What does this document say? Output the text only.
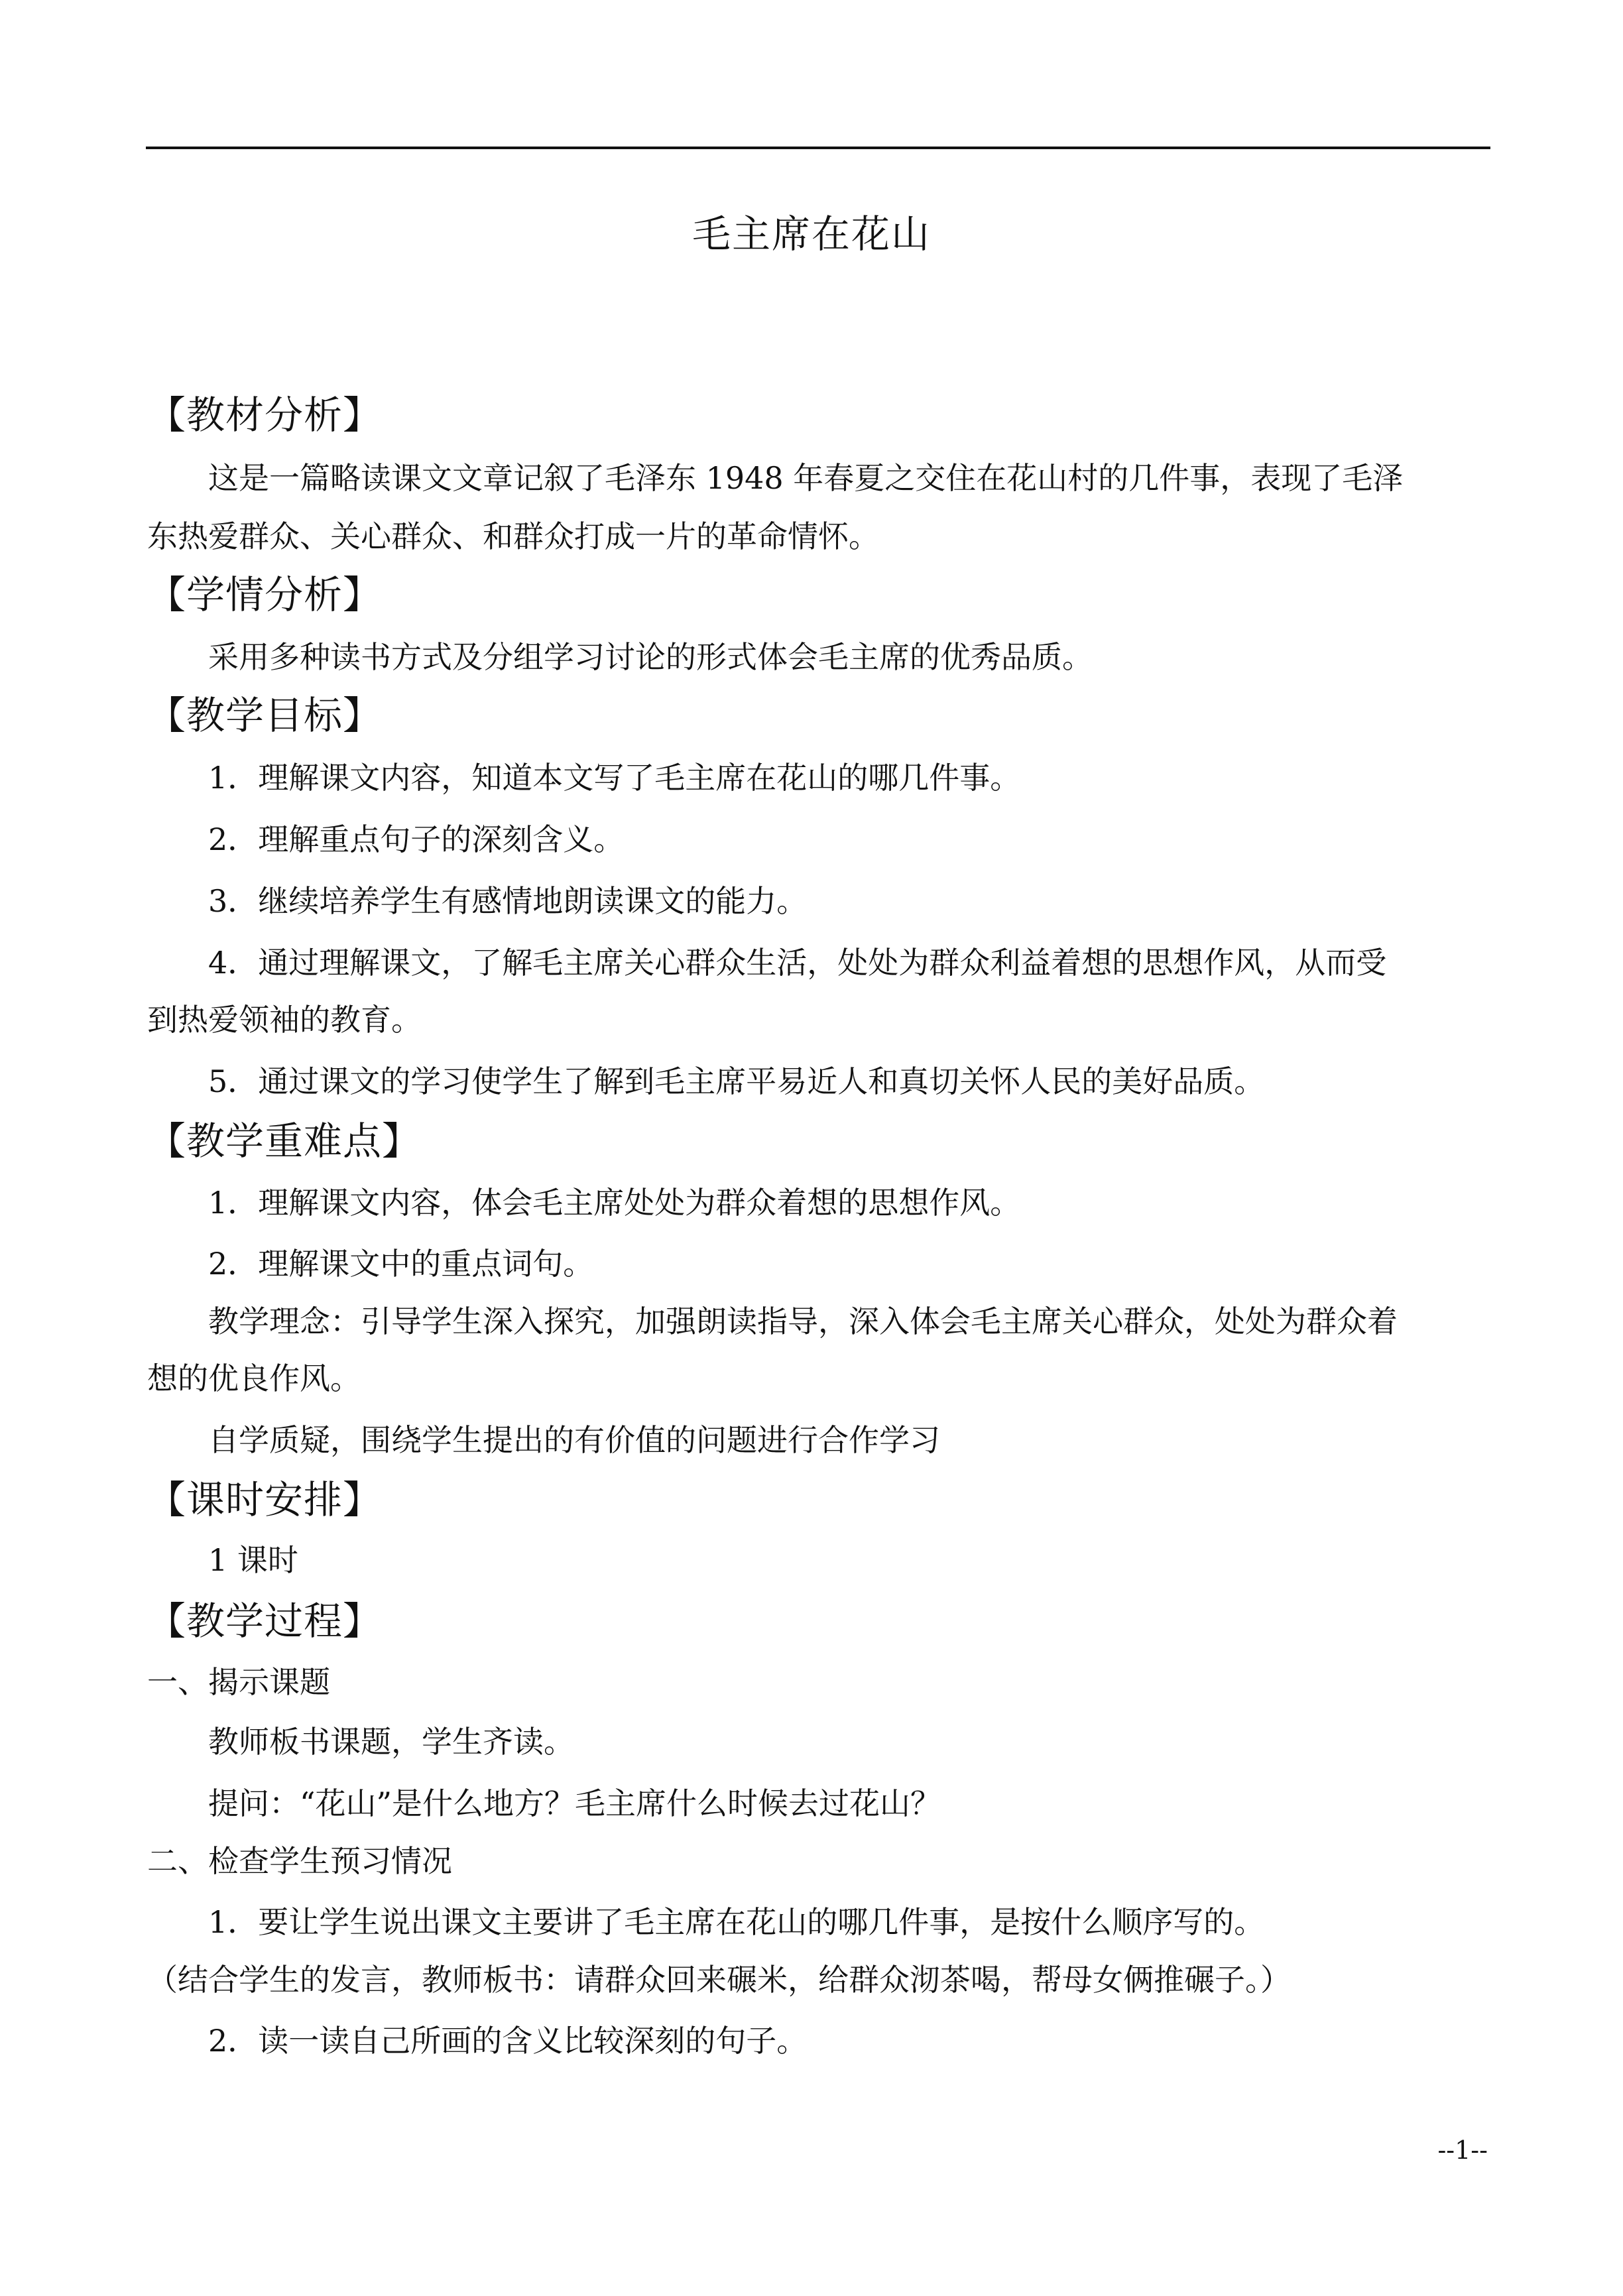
毛主席在花山
【教材分析】
这是一篇略读课文文章记叙了毛泽东 1948 年春夏之交住在花山村的几件事，表现了毛泽
东热爱群众、关心群众、和群众打成一片的革命情怀。
【学情分析】
采用多种读书方式及分组学习讨论的形式体会毛主席的优秀品质。
【教学目标】
1．理解课文内容，知道本文写了毛主席在花山的哪几件事。
2．理解重点句子的深刻含义。
3．继续培养学生有感情地朗读课文的能力。
4．通过理解课文，了解毛主席关心群众生活，处处为群众利益着想的思想作风，从而受
到热爱领袖的教育。
5．通过课文的学习使学生了解到毛主席平易近人和真切关怀人民的美好品质。
【教学重难点】
1．理解课文内容，体会毛主席处处为群众着想的思想作风。
2．理解课文中的重点词句。
教学理念：引导学生深入探究，加强朗读指导，深入体会毛主席关心群众，处处为群众着
想的优良作风。
自学质疑，围绕学生提出的有价值的问题进行合作学习
【课时安排】
1 课时
【教学过程】
一、揭示课题
教师板书课题，学生齐读。
提问：“花山”是什么地方？毛主席什么时候去过花山？
二、检查学生预习情况
1．要让学生说出课文主要讲了毛主席在花山的哪几件事，是按什么顺序写的。
（结合学生的发言，教师板书：请群众回来碾米，给群众沏茶喝，帮母女俩推碾子。）
2．读一读自己所画的含义比较深刻的句子。
--1--
